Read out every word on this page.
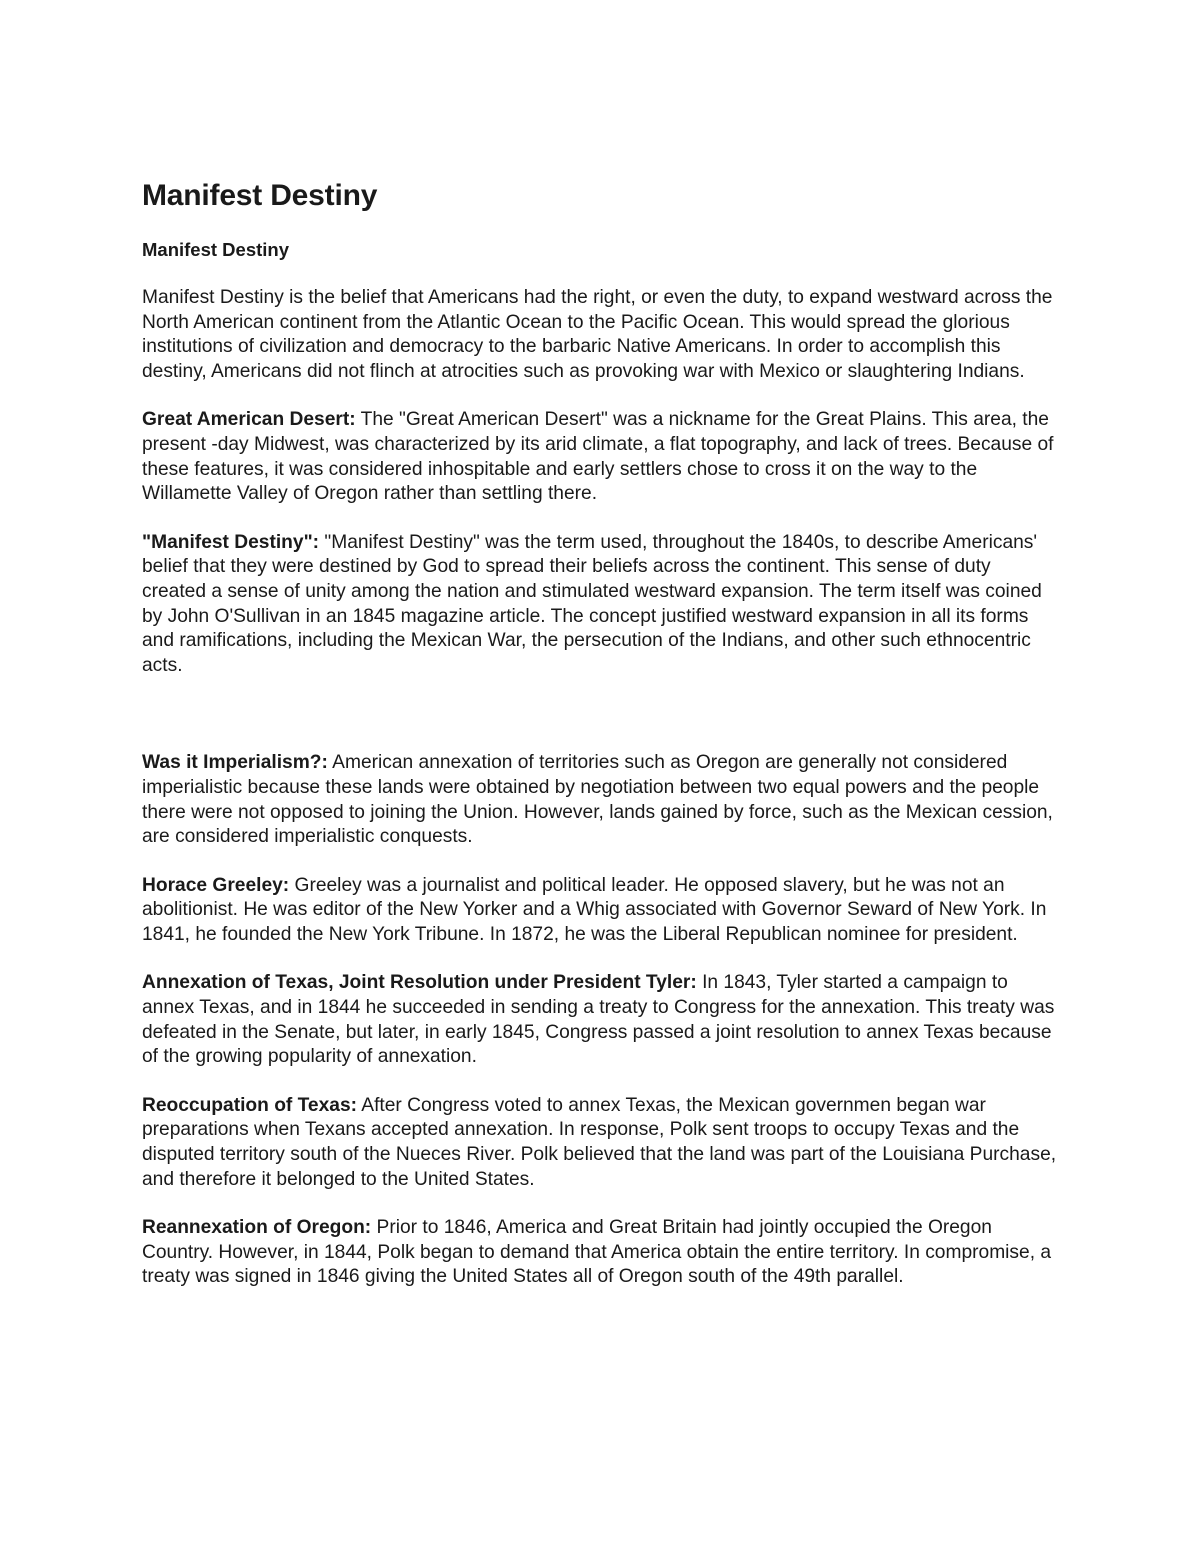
Manifest Destiny
Manifest Destiny

Manifest Destiny is the belief that Americans had the right, or even the duty, to expand westward across the North American continent from the Atlantic Ocean to the Pacific Ocean. This would spread the glorious institutions of civilization and democracy to the barbaric Native Americans. In order to accomplish this destiny, Americans did not flinch at atrocities such as provoking war with Mexico or slaughtering Indians.

Great American Desert: The "Great American Desert" was a nickname for the Great Plains. This area, the present -day Midwest, was characterized by its arid climate, a flat topography, and lack of trees. Because of these features, it was considered inhospitable and early settlers chose to cross it on the way to the Willamette Valley of Oregon rather than settling there.

"Manifest Destiny": "Manifest Destiny" was the term used, throughout the 1840s, to describe Americans' belief that they were destined by God to spread their beliefs across the continent. This sense of duty created a sense of unity among the nation and stimulated westward expansion. The term itself was coined by John O'Sullivan in an 1845 magazine article. The concept justified westward expansion in all its forms and ramifications, including the Mexican War, the persecution of the Indians, and other such ethnocentric acts.

Was it Imperialism?: American annexation of territories such as Oregon are generally not considered imperialistic because these lands were obtained by negotiation between two equal powers and the people there were not opposed to joining the Union. However, lands gained by force, such as the Mexican cession, are considered imperialistic conquests.

Horace Greeley: Greeley was a journalist and political leader. He opposed slavery, but he was not an abolitionist. He was editor of the New Yorker and a Whig associated with Governor Seward of New York. In 1841, he founded the New York Tribune. In 1872, he was the Liberal Republican nominee for president.

Annexation of Texas, Joint Resolution under President Tyler: In 1843, Tyler started a campaign to annex Texas, and in 1844 he succeeded in sending a treaty to Congress for the annexation. This treaty was defeated in the Senate, but later, in early 1845, Congress passed a joint resolution to annex Texas because of the growing popularity of annexation.

Reoccupation of Texas: After Congress voted to annex Texas, the Mexican governmen began war preparations when Texans accepted annexation. In response, Polk sent troops to occupy Texas and the disputed territory south of the Nueces River. Polk believed that the land was part of the Louisiana Purchase, and therefore it belonged to the United States.

Reannexation of Oregon: Prior to 1846, America and Great Britain had jointly occupied the Oregon Country. However, in 1844, Polk began to demand that America obtain the entire territory. In compromise, a treaty was signed in 1846 giving the United States all of Oregon south of the 49th parallel.
